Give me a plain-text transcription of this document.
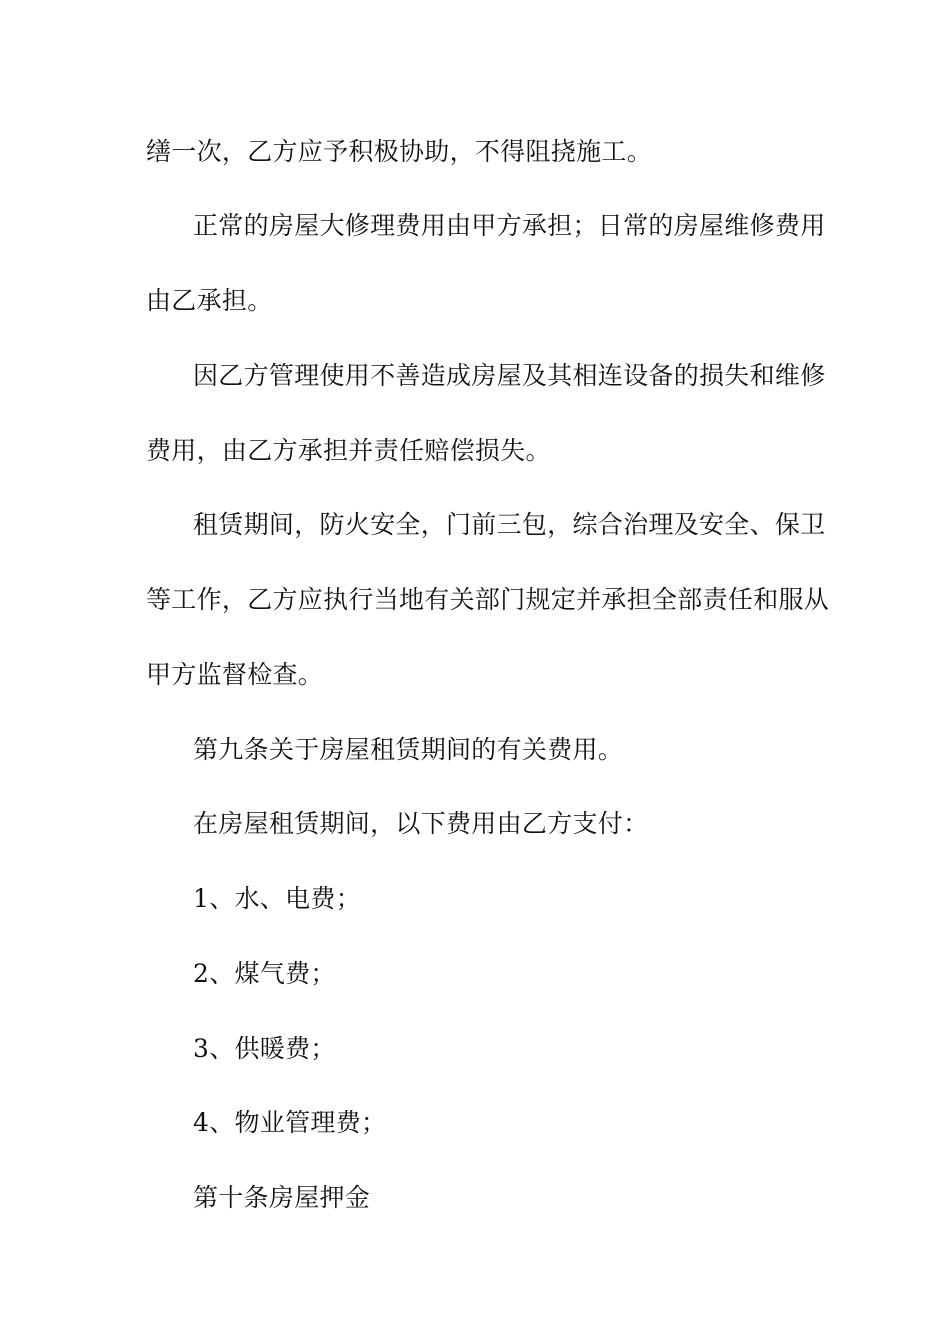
缮一次，乙方应予积极协助，不得阻挠施工。
正常的房屋大修理费用由甲方承担；日常的房屋维修费用
由乙承担。
因乙方管理使用不善造成房屋及其相连设备的损失和维修
费用，由乙方承担并责任赔偿损失。
租赁期间，防火安全，门前三包，综合治理及安全、保卫
等工作，乙方应执行当地有关部门规定并承担全部责任和服从
甲方监督检查。
第九条关于房屋租赁期间的有关费用。
在房屋租赁期间，以下费用由乙方支付：
1、水、电费；
2、煤气费；
3、供暖费；
4、物业管理费；
第十条房屋押金
